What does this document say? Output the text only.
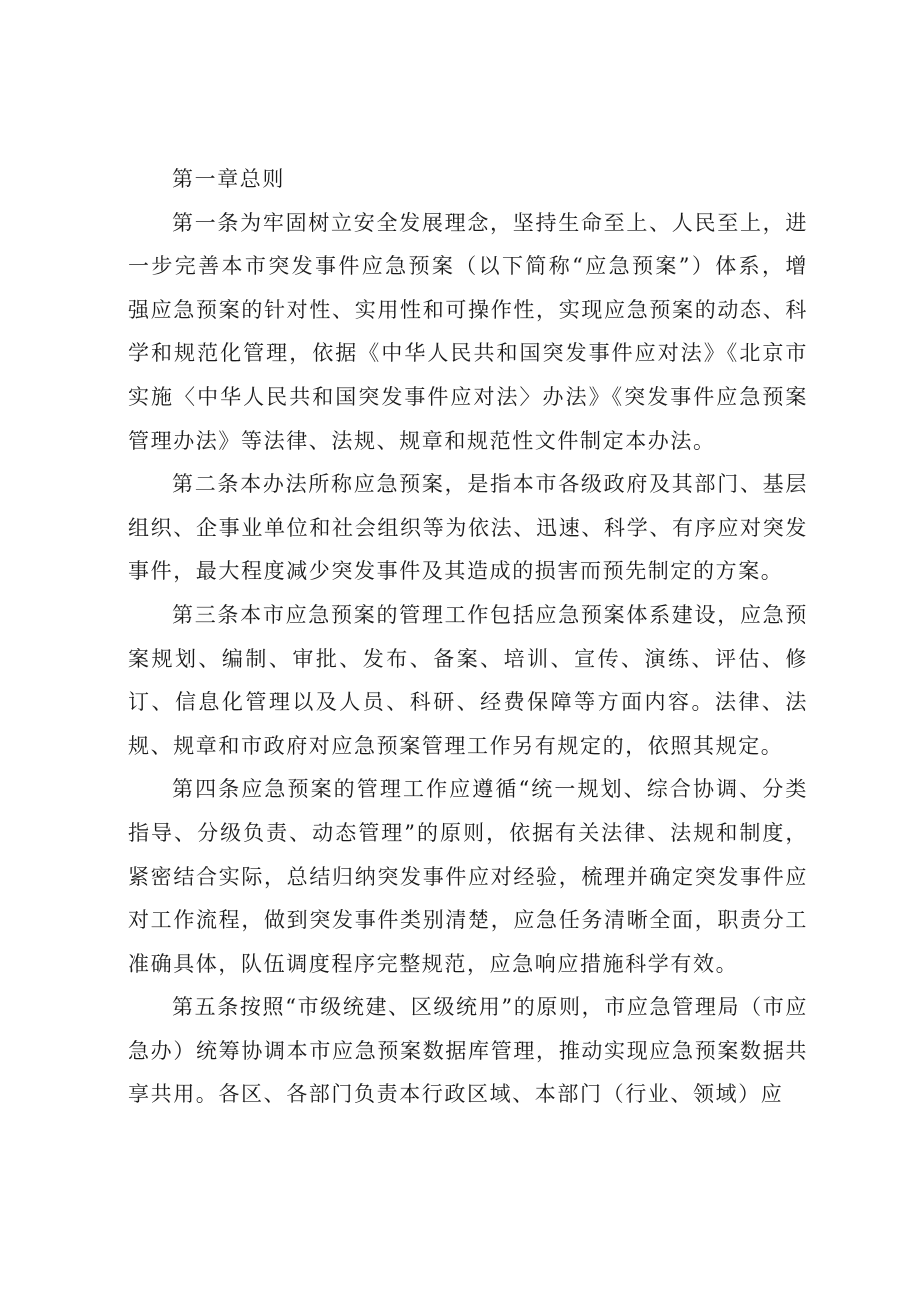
第一章总则

第一条为牢固树立安全发展理念，坚持生命至上、人民至上，进一步完善本市突发事件应急预案（以下简称“应急预案”）体系，增强应急预案的针对性、实用性和可操作性，实现应急预案的动态、科学和规范化管理，依据《中华人民共和国突发事件应对法》《北京市实施〈中华人民共和国突发事件应对法〉办法》《突发事件应急预案管理办法》等法律、法规、规章和规范性文件制定本办法。

第二条本办法所称应急预案，是指本市各级政府及其部门、基层组织、企事业单位和社会组织等为依法、迅速、科学、有序应对突发事件，最大程度减少突发事件及其造成的损害而预先制定的方案。

第三条本市应急预案的管理工作包括应急预案体系建设，应急预案规划、编制、审批、发布、备案、培训、宣传、演练、评估、修订、信息化管理以及人员、科研、经费保障等方面内容。法律、法规、规章和市政府对应急预案管理工作另有规定的，依照其规定。

第四条应急预案的管理工作应遵循“统一规划、综合协调、分类指导、分级负责、动态管理”的原则，依据有关法律、法规和制度，紧密结合实际，总结归纳突发事件应对经验，梳理并确定突发事件应对工作流程，做到突发事件类别清楚，应急任务清晰全面，职责分工准确具体，队伍调度程序完整规范，应急响应措施科学有效。

第五条按照“市级统建、区级统用”的原则，市应急管理局（市应急办）统筹协调本市应急预案数据库管理，推动实现应急预案数据共享共用。各区、各部门负责本行政区域、本部门（行业、领域）应
